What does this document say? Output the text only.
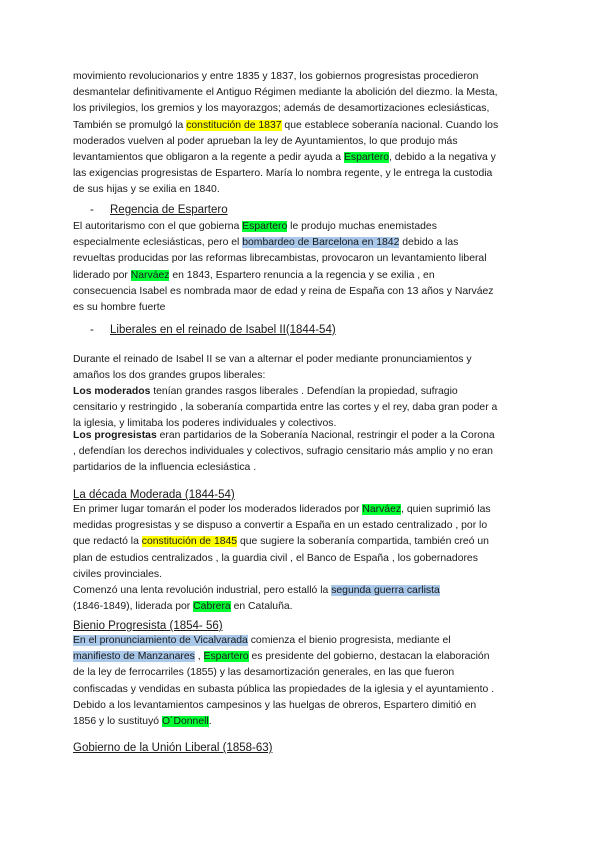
movimiento revolucionarios y entre 1835 y 1837, los gobiernos progresistas procedieron
desmantelar definitivamente el Antiguo Régimen mediante la abolición del diezmo. la Mesta,
los privilegios, los gremios y los mayorazgos; además de desamortizaciones eclesiásticas,
También se promulgó la constitución de 1837 que establece soberanía nacional. Cuando los
moderados vuelven al poder aprueban la ley de Ayuntamientos, lo que produjo más
levantamientos que obligaron a la regente a pedir ayuda a Espartero, debido a la negativa y
las exigencias progresistas de Espartero. María lo nombra regente, y le entrega la custodia
de sus hijas y se exilia en 1840.
- Regencia de Espartero
El autoritarismo con el que gobierna Espartero le produjo muchas enemistades
especialmente eclesiásticas, pero el bombardeo de Barcelona en 1842 debido a las
revueltas producidas por las reformas librecambistas, provocaron un levantamiento liberal
liderado por Narváez en 1843, Espartero renuncia a la regencia y se exilia , en
consecuencia Isabel es nombrada maor de edad y reina de España con 13 años y Narváez
es su hombre fuerte
- Liberales en el reinado de Isabel II(1844-54)
Durante el reinado de Isabel II se van a alternar el poder mediante pronunciamientos y
amaños los dos grandes grupos liberales:
Los moderados tenían grandes rasgos liberales . Defendían la propiedad, sufragio
censitario y restringido , la soberanía compartida entre las cortes y el rey, daba gran poder a
la iglesia, y limitaba los poderes individuales y colectivos.
Los progresistas eran partidarios de la Soberanía Nacional, restringir el poder a la Corona
, defendían los derechos individuales y colectivos, sufragio censitario más amplio y no eran
partidarios de la influencia eclesiástica .
La década Moderada (1844-54)
En primer lugar tomarán el poder los moderados liderados por Narváez, quien suprimió las
medidas progresistas y se dispuso a convertir a España en un estado centralizado , por lo
que redactó la constitución de 1845 que sugiere la soberanía compartida, también creó un
plan de estudios centralizados , la guardia civil , el Banco de España , los gobernadores
civiles provinciales.
Comenzó una lenta revolución industrial, pero estalló la segunda guerra carlista
(1846-1849), liderada por Cabrera en Cataluña.
Bienio Progresista (1854- 56)
En el pronunciamiento de Vicalvarada comienza el bienio progresista, mediante el
manifiesto de Manzanares , Espartero es presidente del gobierno, destacan la elaboración
de la ley de ferrocarriles (1855) y las desamortización generales, en las que fueron
confiscadas y vendidas en subasta pública las propiedades de la iglesia y el ayuntamiento .
Debido a los levantamientos campesinos y las huelgas de obreros, Espartero dimitió en
1856 y lo sustituyó O´Donnell.
Gobierno de la Unión Liberal (1858-63)
